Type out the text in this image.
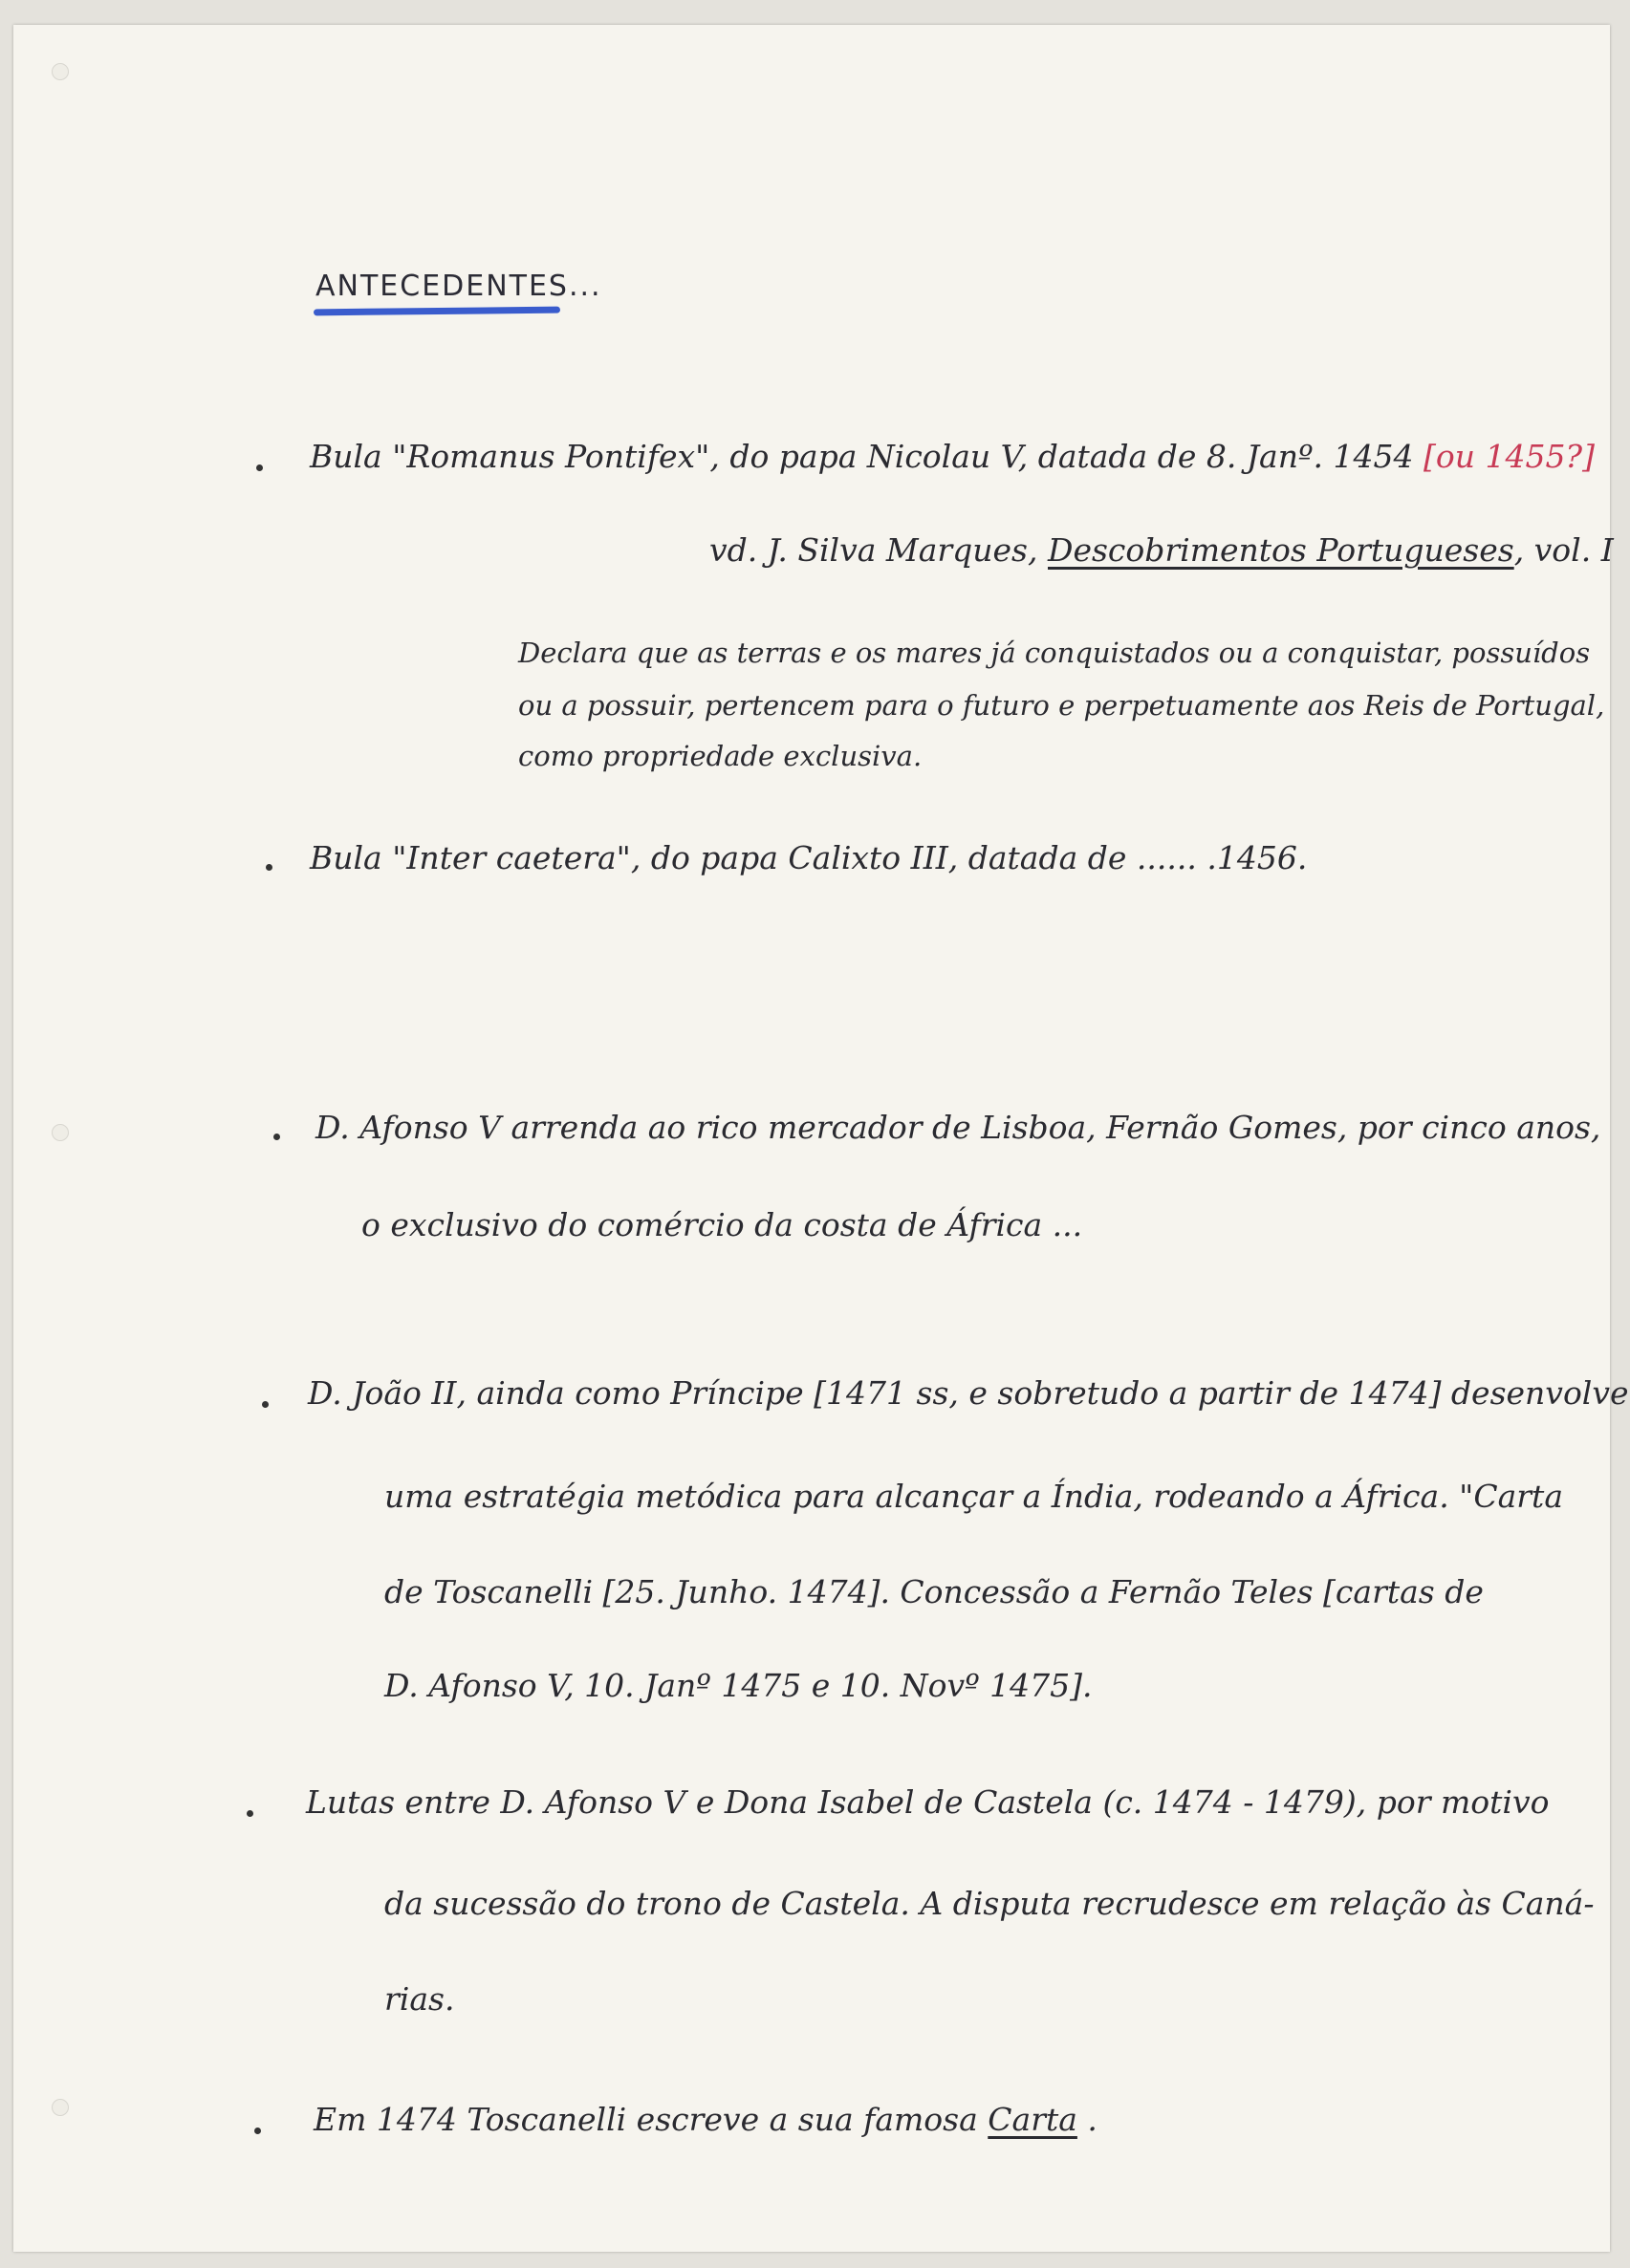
ANTECEDENTES...
Bula "Romanus Pontifex", do papa Nicolau V, datada de 8. Janº. 1454 [ou 1455?]
vd. J. Silva Marques, Descobrimentos Portugueses, vol. I
Declara que as terras e os mares já conquistados ou a conquistar, possuídos
ou a possuir, pertencem para o futuro e perpetuamente aos Reis de Portugal,
como propriedade exclusiva.
Bula "Inter caetera", do papa Calixto III, datada de ...... .1456.
D. Afonso V arrenda ao rico mercador de Lisboa, Fernão Gomes, por cinco anos,
o exclusivo do comércio da costa de África ...
D. João II, ainda como Príncipe [1471 ss, e sobretudo a partir de 1474] desenvolve
uma estratégia metódica para alcançar a Índia, rodeando a África. "Carta
de Toscanelli [25. Junho. 1474]. Concessão a Fernão Teles [cartas de
D. Afonso V, 10. Janº 1475 e 10. Novº 1475].
Lutas entre D. Afonso V e Dona Isabel de Castela (c. 1474 - 1479), por motivo
da sucessão do trono de Castela. A disputa recrudesce em relação às Caná-
rias.
Em 1474 Toscanelli escreve a sua famosa Carta .
